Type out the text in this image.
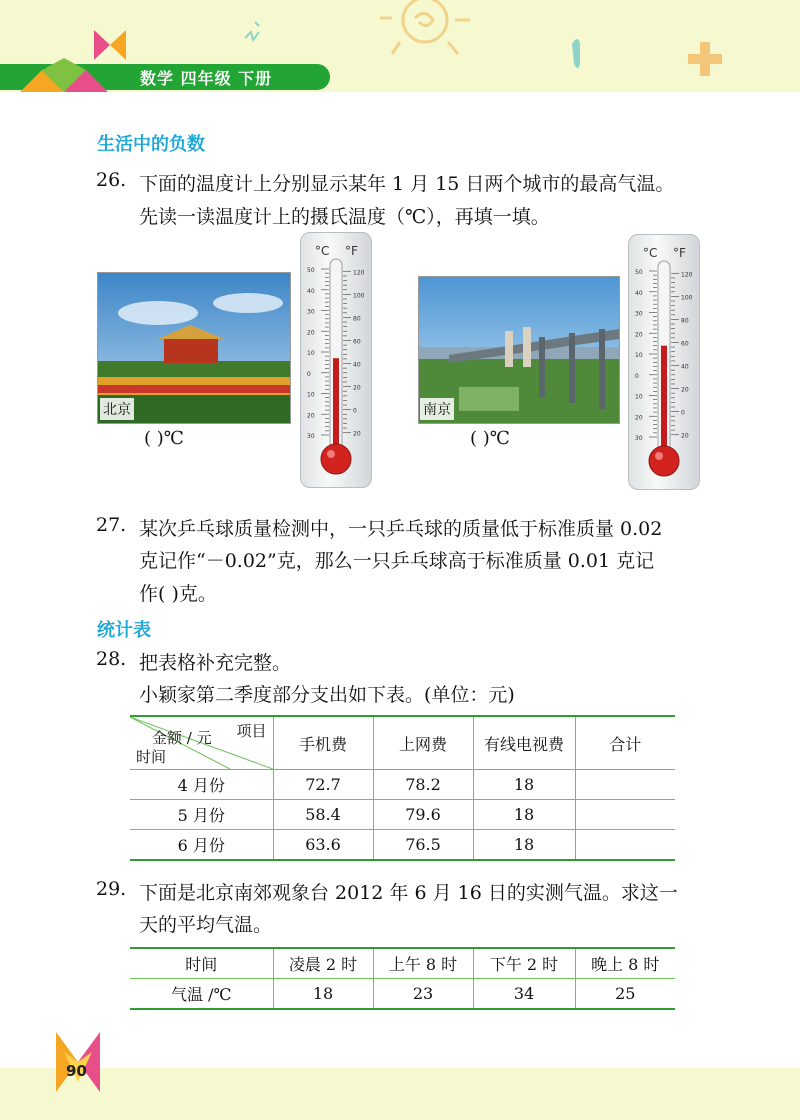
数学 四年级 下册
生活中的负数
26. 下面的温度计上分别显示某年 1 月 15 日两个城市的最高气温。
先读一读温度计上的摄氏温度（℃），再填一填。
北京
( )℃
°C °F
30
20
10
0
10
20
30
40
50
20
0
20
40
60
80
100
120
南京
( )℃
°C °F
30
20
10
0
10
20
30
40
50
20
0
20
40
60
80
100
120
27. 某次乒乓球质量检测中，一只乒乓球的质量低于标准质量 0.02
克记作“－0.02”克，那么一只乒乓球高于标准质量 0.01 克记
作( )克。
统计表
28. 把表格补充完整。
小颖家第二季度部分支出如下表。(单位：元)
项目
金额 / 元
时间	手机费	上网费	有线电视费	合计
4 月份	72.7	78.2	18	
5 月份	58.4	79.6	18	
6 月份	63.6	76.5	18	
29. 下面是北京南郊观象台 2012 年 6 月 16 日的实测气温。求这一
天的平均气温。
时间	凌晨 2 时	上午 8 时	下午 2 时	晚上 8 时
气温 /℃	18	23	34	25
90
